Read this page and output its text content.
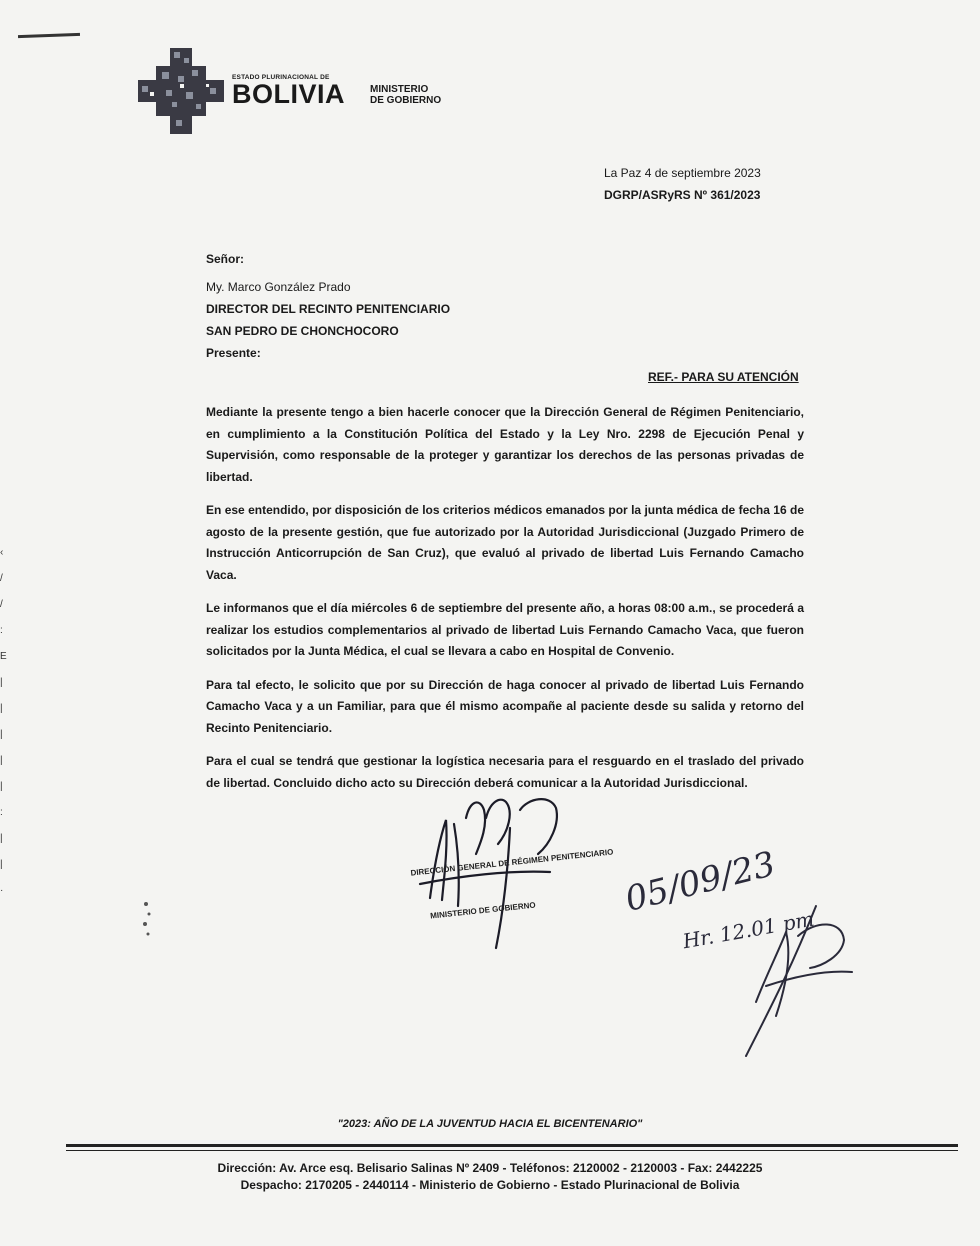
‹
/
/
:
E
|
|
|
|
|
:
|
|
·
ESTADO PLURINACIONAL DE
BOLIVIA MINISTERIO
DE GOBIERNO
La Paz 4 de septiembre 2023
DGRP/ASRyRS Nº 361/2023
Señor:
My. Marco González Prado
DIRECTOR DEL RECINTO PENITENCIARIO
SAN PEDRO DE CHONCHOCORO
Presente:
REF.- PARA SU ATENCIÓN

Mediante la presente tengo a bien hacerle conocer que la Dirección General de Régimen Penitenciario, en cumplimiento a la Constitución Política del Estado y la Ley Nro. 2298 de Ejecución Penal y Supervisión, como responsable de la proteger y garantizar los derechos de las personas privadas de libertad.

En ese entendido, por disposición de los criterios médicos emanados por la junta médica de fecha 16 de agosto de la presente gestión, que fue autorizado por la Autoridad Jurisdiccional (Juzgado Primero de Instrucción Anticorrupción de San Cruz), que evaluó al privado de libertad Luis Fernando Camacho Vaca.

Le informanos que el día miércoles 6 de septiembre del presente año, a horas 08:00 a.m., se procederá a realizar los estudios complementarios al privado de libertad Luis Fernando Camacho Vaca, que fueron solicitados por la Junta Médica, el cual se llevara a cabo en Hospital de Convenio.

Para tal efecto, le solicito que por su Dirección de haga conocer al privado de libertad Luis Fernando Camacho Vaca y a un Familiar, para que él mismo acompañe al paciente desde su salida y retorno del Recinto Penitenciario.

Para el cual se tendrá que gestionar la logística necesaria para el resguardo en el traslado del privado de libertad. Concluido dicho acto su Dirección deberá comunicar a la Autoridad Jurisdiccional.

DIRECCIÓN GENERAL DE RÉGIMEN PENITENCIARIO
MINISTERIO DE GOBIERNO	05/09/23
Hr. 12.01 pm
"2023: AÑO DE LA JUVENTUD HACIA EL BICENTENARIO"
Dirección: Av. Arce esq. Belisario Salinas Nº 2409 - Teléfonos: 2120002 - 2120003 - Fax: 2442225
Despacho: 2170205 - 2440114 - Ministerio de Gobierno - Estado Plurinacional de Bolivia
